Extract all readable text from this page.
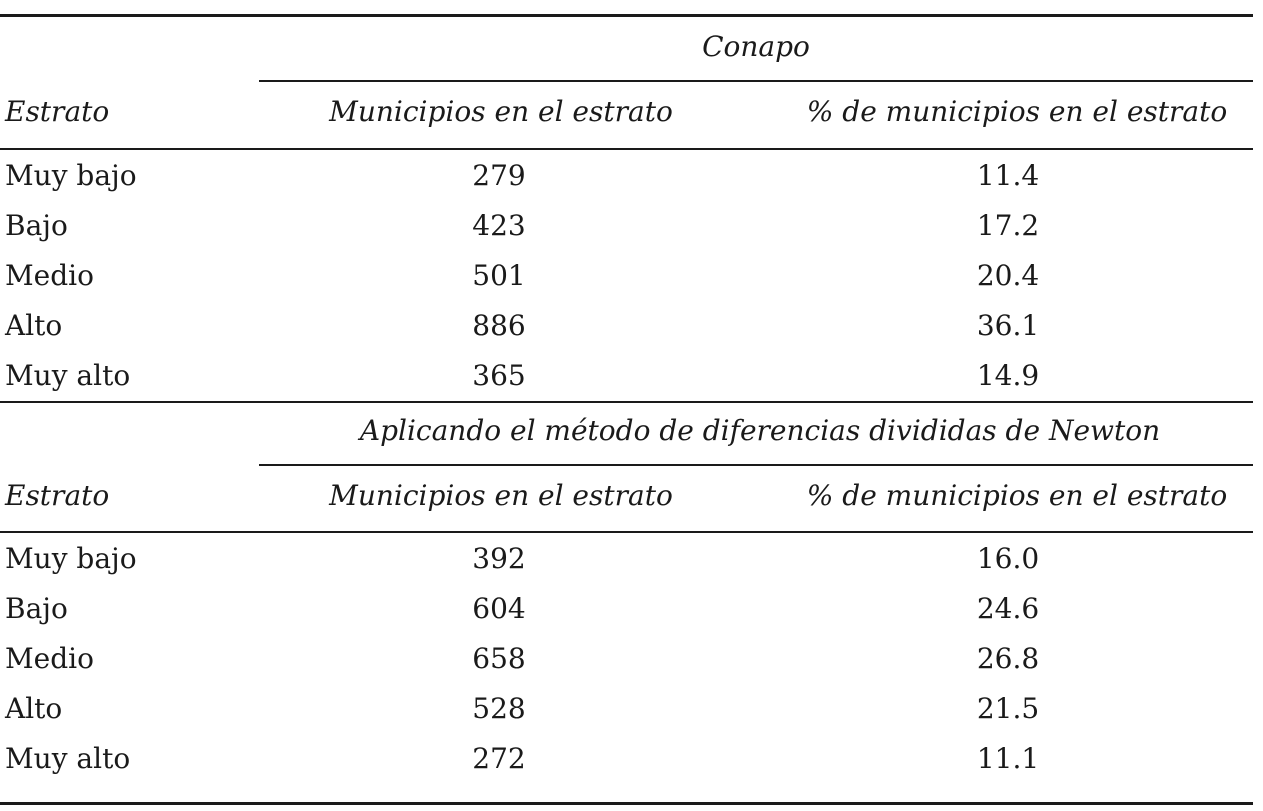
Conapo
Estrato	Municipios en el estrato	% de municipios en el estrato
Muy bajo	279	11.4
Bajo	423	17.2
Medio	501	20.4
Alto	886	36.1
Muy alto	365	14.9
Aplicando el método de diferencias divididas de Newton
Estrato	Municipios en el estrato	% de municipios en el estrato
Muy bajo	392	16.0
Bajo	604	24.6
Medio	658	26.8
Alto	528	21.5
Muy alto	272	11.1
